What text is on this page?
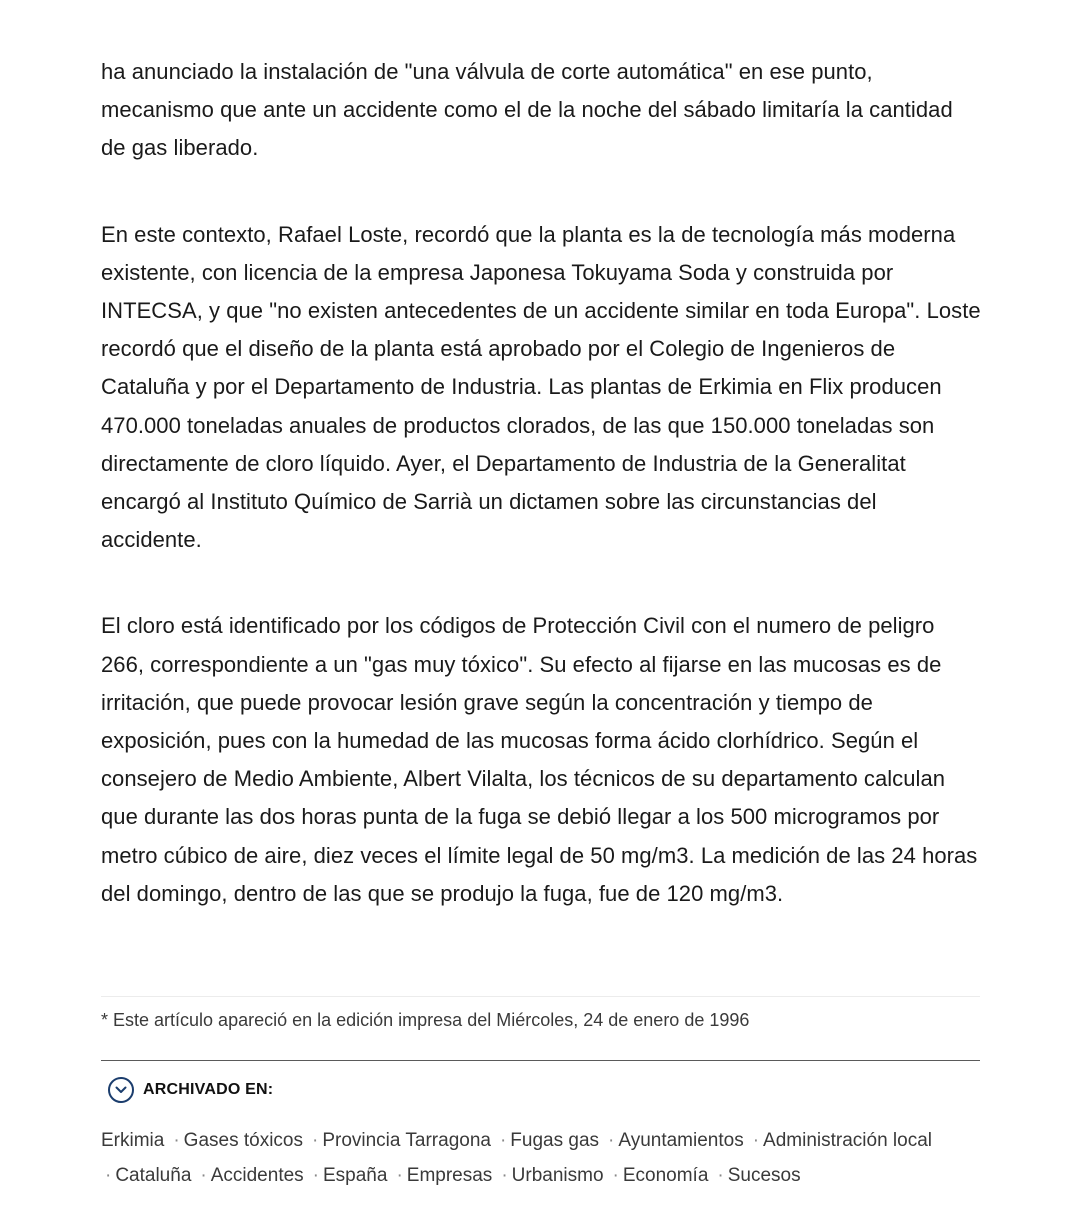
ha anunciado la instalación de "una válvula de corte automática" en ese punto, mecanismo que ante un accidente como el de la noche del sábado limitaría la cantidad de gas liberado.

En este contexto, Rafael Loste, recordó que la planta es la de tecnología más moderna existente, con licencia de la empresa Japonesa Tokuyama Soda y construida por INTECSA, y que "no existen antecedentes de un accidente similar en toda Europa". Loste recordó que el diseño de la planta está aprobado por el Colegio de Ingenieros de Cataluña y por el Departamento de Industria. Las plantas de Erkimia en Flix producen 470.000 toneladas anuales de productos clorados, de las que 150.000 toneladas son directamente de cloro líquido. Ayer, el Departamento de Industria de la Generalitat encargó al Instituto Químico de Sarrià un dictamen sobre las circunstancias del accidente.

El cloro está identificado por los códigos de Protección Civil con el numero de peligro 266, correspondiente a un "gas muy tóxico". Su efecto al fijarse en las mucosas es de irritación, que puede provocar lesión grave según la concentración y tiempo de exposición, pues con la humedad de las mucosas forma ácido clorhídrico. Según el consejero de Medio Ambiente, Albert Vilalta, los técnicos de su departamento calculan que durante las dos horas punta de la fuga se debió llegar a los 500 microgramos por metro cúbico de aire, diez veces el límite legal de 50 mg/m3. La medición de las 24 horas del domingo, dentro de las que se produjo la fuga, fue de 120 mg/m3.

* Este artículo apareció en la edición impresa del Miércoles, 24 de enero de 1996
ARCHIVADO EN:
Erkimia · Gases tóxicos · Provincia Tarragona · Fugas gas · Ayuntamientos · Administración local
· Cataluña · Accidentes · España · Empresas · Urbanismo · Economía · Sucesos
